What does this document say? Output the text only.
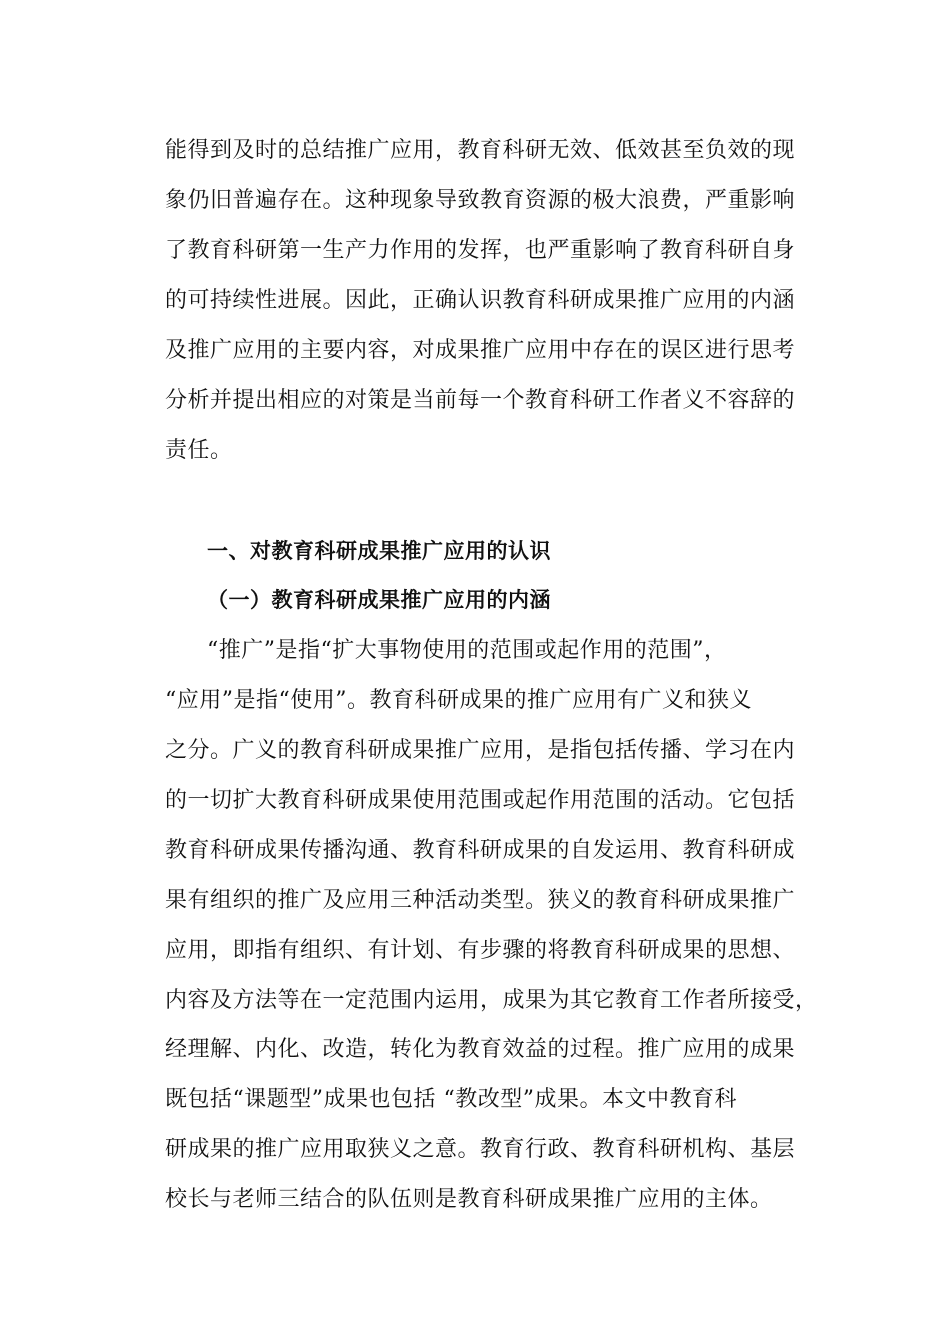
能得到及时的总结推广应用，教育科研无效、低效甚至负效的现
象仍旧普遍存在。这种现象导致教育资源的极大浪费，严重影响
了教育科研第一生产力作用的发挥，也严重影响了教育科研自身
的可持续性进展。因此，正确认识教育科研成果推广应用的内涵
及推广应用的主要内容，对成果推广应用中存在的误区进行思考
分析并提出相应的对策是当前每一个教育科研工作者义不容辞的
责任。
一、对教育科研成果推广应用的认识
（一）教育科研成果推广应用的内涵
“推广”是指“扩大事物使用的范围或起作用的范围”，
“应用”是指“使用”。教育科研成果的推广应用有广义和狭义
之分。广义的教育科研成果推广应用，是指包括传播、学习在内
的一切扩大教育科研成果使用范围或起作用范围的活动。它包括
教育科研成果传播沟通、教育科研成果的自发运用、教育科研成
果有组织的推广及应用三种活动类型。狭义的教育科研成果推广
应用，即指有组织、有计划、有步骤的将教育科研成果的思想、
内容及方法等在一定范围内运用，成果为其它教育工作者所接受，
经理解、内化、改造，转化为教育效益的过程。推广应用的成果
既包括“课题型”成果也包括 “教改型”成果。本文中教育科
研成果的推广应用取狭义之意。教育行政、教育科研机构、基层
校长与老师三结合的队伍则是教育科研成果推广应用的主体。
